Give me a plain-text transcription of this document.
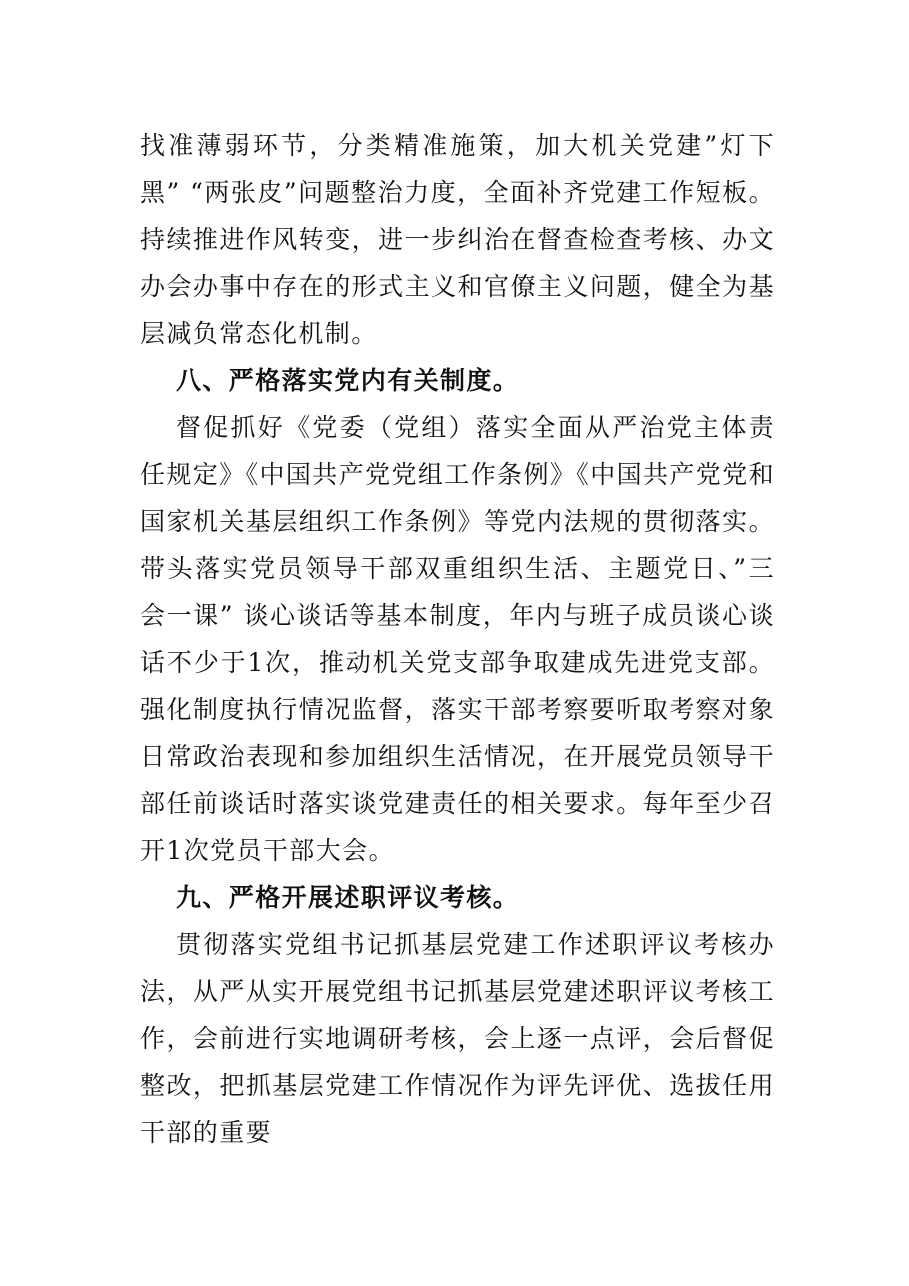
找准薄弱环节，分类精准施策，加大机关党建”灯下黑” “两张皮”问题整治力度，全面补齐党建工作短板。持续推进作风转变，进一步纠治在督查检查考核、办文办会办事中存在的形式主义和官僚主义问题，健全为基层减负常态化机制。

八、严格落实党内有关制度。

督促抓好《党委（党组）落实全面从严治党主体责任规定》《中国共产党党组工作条例》《中国共产党党和国家机关基层组织工作条例》等党内法规的贯彻落实。带头落实党员领导干部双重组织生活、主题党日、”三会一课” 谈心谈话等基本制度，年内与班子成员谈心谈话不少于1次，推动机关党支部争取建成先进党支部。强化制度执行情况监督，落实干部考察要听取考察对象日常政治表现和参加组织生活情况，在开展党员领导干部任前谈话时落实谈党建责任的相关要求。每年至少召开1次党员干部大会。

九、严格开展述职评议考核。

贯彻落实党组书记抓基层党建工作述职评议考核办法，从严从实开展党组书记抓基层党建述职评议考核工作，会前进行实地调研考核，会上逐一点评，会后督促整改，把抓基层党建工作情况作为评先评优、选拔任用干部的重要
